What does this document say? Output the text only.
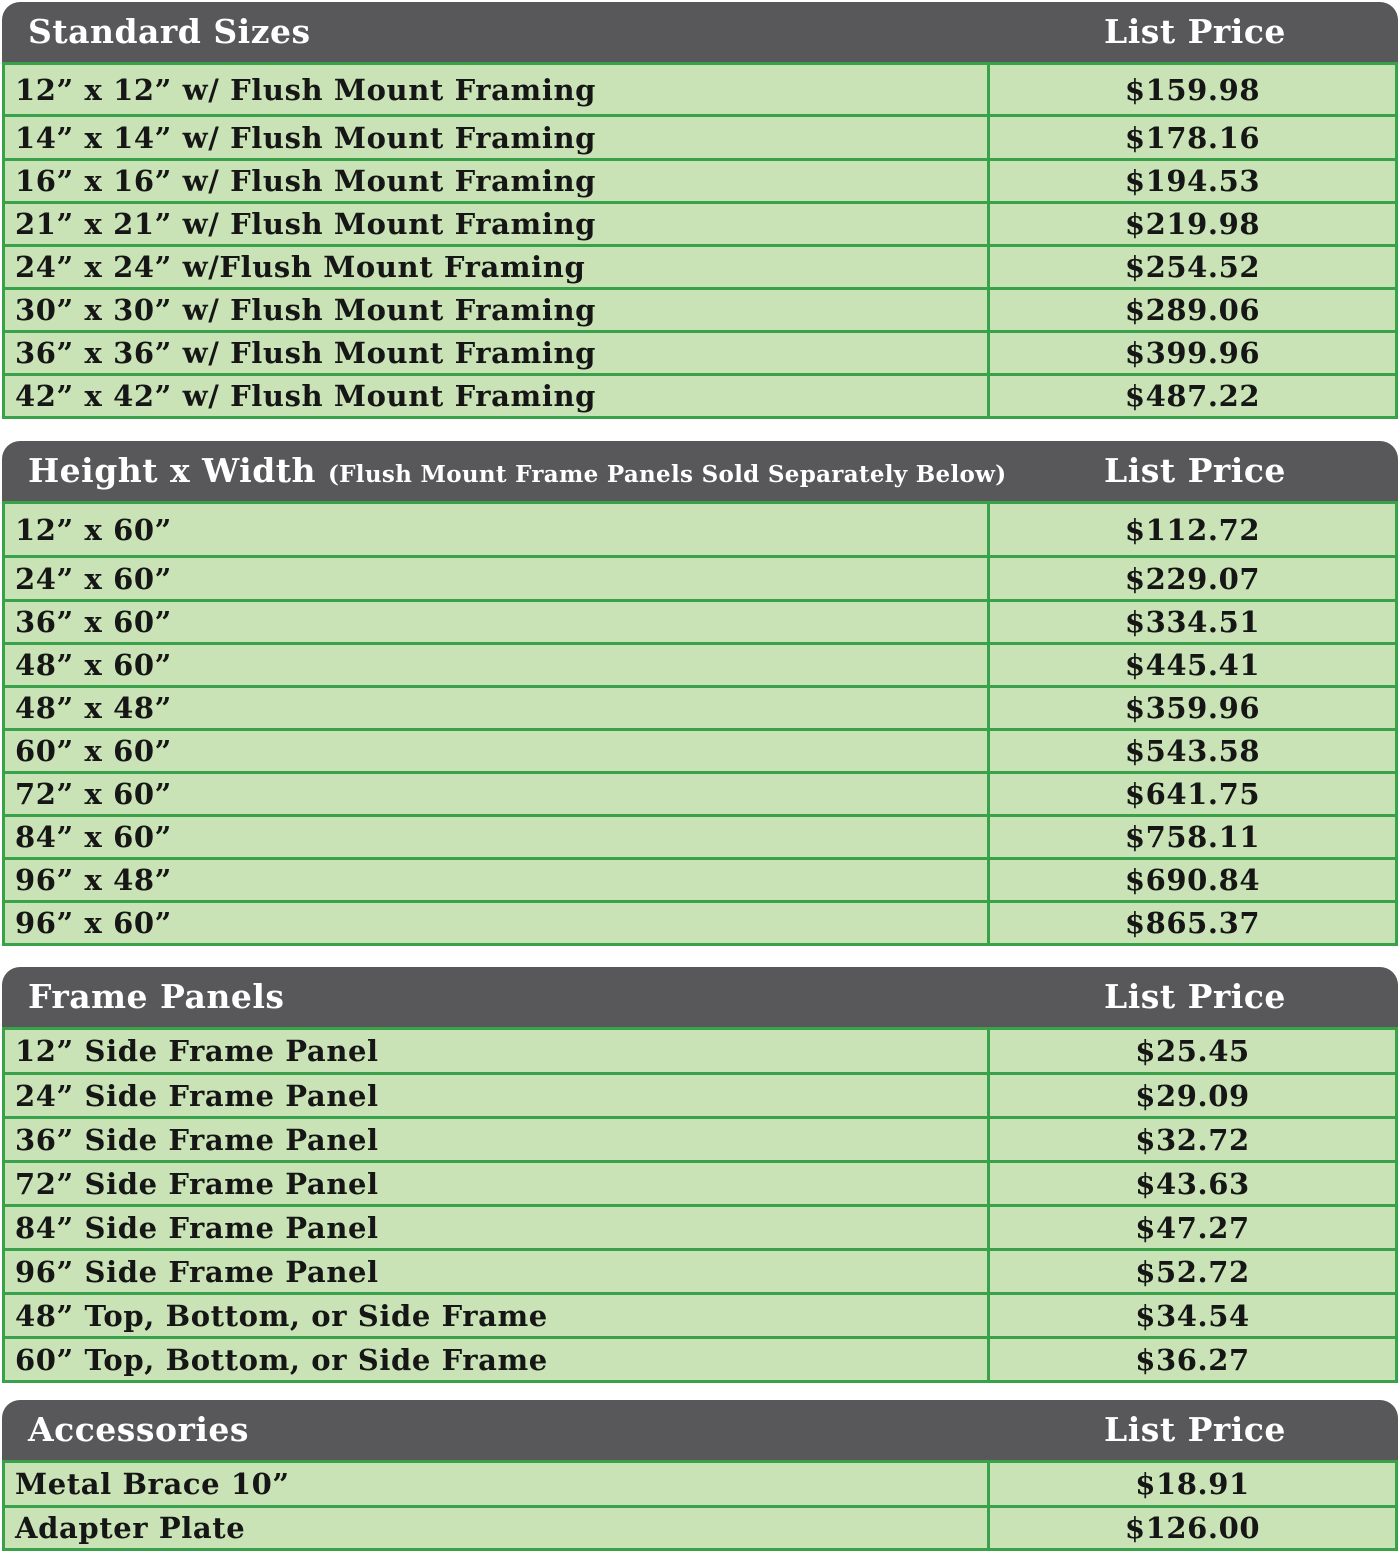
Standard Sizes	List Price
12” x 12” w/ Flush Mount Framing	$159.98
14” x 14” w/ Flush Mount Framing	$178.16
16” x 16” w/ Flush Mount Framing	$194.53
21” x 21” w/ Flush Mount Framing	$219.98
24” x 24” w/Flush Mount Framing	$254.52
30” x 30” w/ Flush Mount Framing	$289.06
36” x 36” w/ Flush Mount Framing	$399.96
42” x 42” w/ Flush Mount Framing	$487.22
Height x Width (Flush Mount Frame Panels Sold Separately Below)	List Price
12” x 60”	$112.72
24” x 60”	$229.07
36” x 60”	$334.51
48” x 60”	$445.41
48” x 48”	$359.96
60” x 60”	$543.58
72” x 60”	$641.75
84” x 60”	$758.11
96” x 48”	$690.84
96” x 60”	$865.37
Frame Panels	List Price
12” Side Frame Panel	$25.45
24” Side Frame Panel	$29.09
36” Side Frame Panel	$32.72
72” Side Frame Panel	$43.63
84” Side Frame Panel	$47.27
96” Side Frame Panel	$52.72
48” Top, Bottom, or Side Frame	$34.54
60” Top, Bottom, or Side Frame	$36.27
Accessories	List Price
Metal Brace 10”	$18.91
Adapter Plate	$126.00
